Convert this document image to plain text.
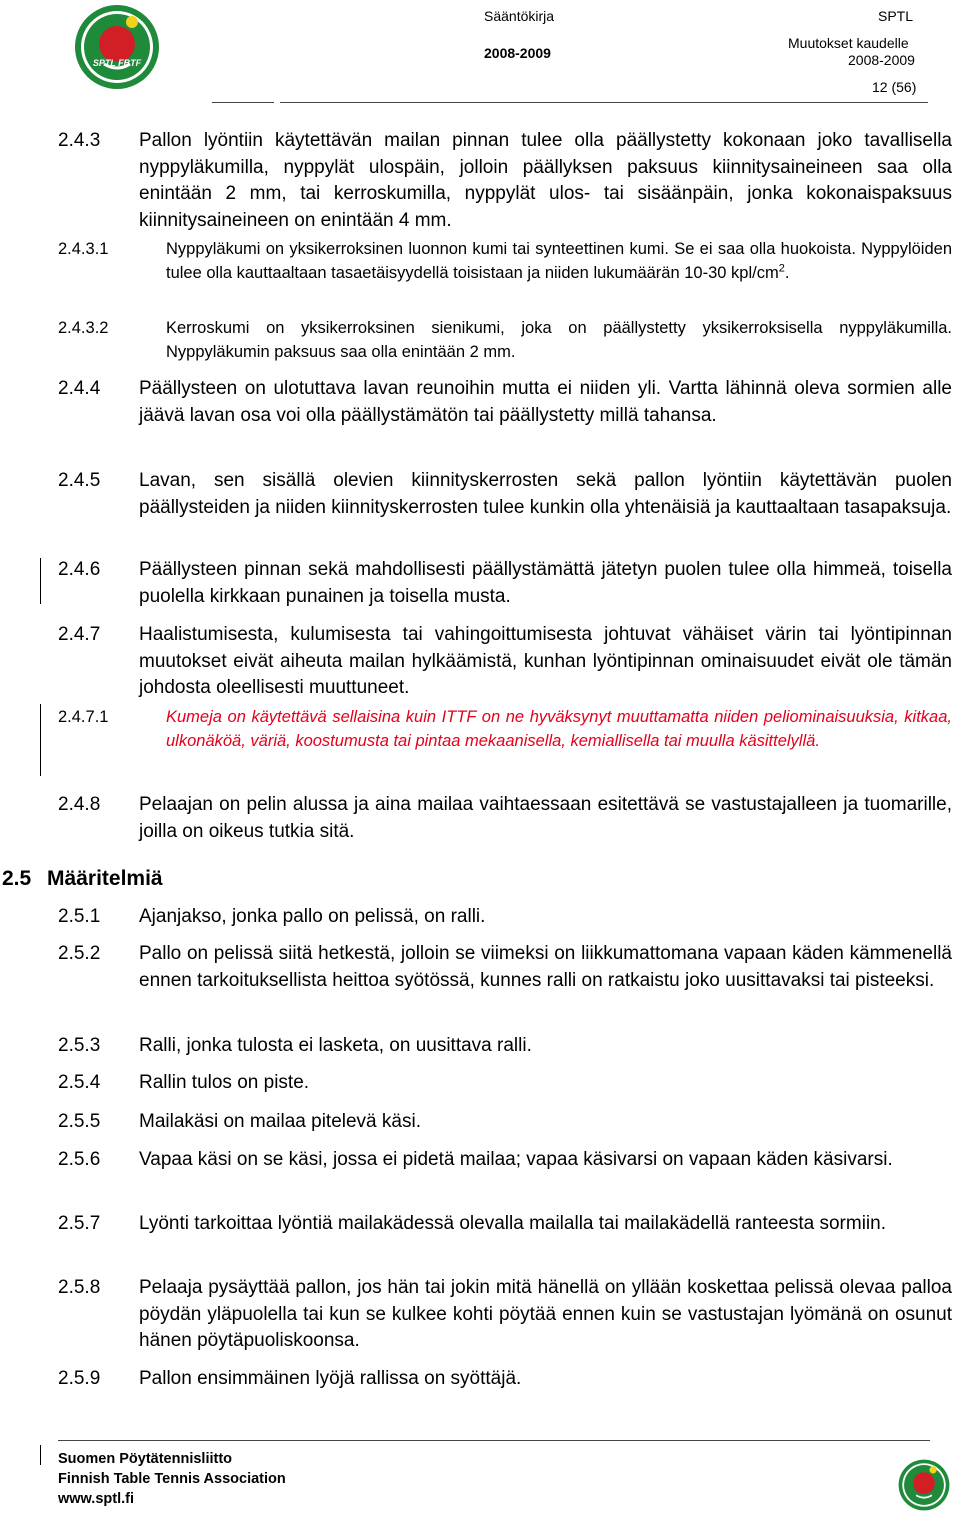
SPTL FBTF
Sääntökirja
2008-2009
SPTL
Muutokset kaudelle
2008-2009
12 (56)
2.4.3 Pallon lyöntiin käytettävän mailan pinnan tulee olla päällystetty kokonaan joko tavallisella nyppyläkumilla, nyppylät ulospäin, jolloin päällyksen paksuus kiinnitysaineineen saa olla enintään 2 mm, tai kerroskumilla, nyppylät ulos- tai sisäänpäin, jonka kokonaispaksuus kiinnitysaineineen on enintään 4 mm.
2.4.3.1	Nyppyläkumi on yksikerroksinen luonnon kumi tai synteettinen kumi. Se ei saa olla huokoista. Nyppylöiden tulee olla kauttaaltaan tasaetäisyydellä toisistaan ja niiden lukumäärän 10-30 kpl/$cm^2$.
2.4.3.2	Kerroskumi on yksikerroksinen sienikumi, joka on päällystetty yksikerroksisella nyppyläkumilla. Nyppyläkumin paksuus saa olla enintään 2 mm.
2.4.4 Päällysteen on ulotuttava lavan reunoihin mutta ei niiden yli. Vartta lähinnä oleva sormien alle jäävä lavan osa voi olla päällystämätön tai päällystetty millä tahansa.
2.4.5 Lavan, sen sisällä olevien kiinnityskerrosten sekä pallon lyöntiin käytettävän puolen päällysteiden ja niiden kiinnityskerrosten tulee kunkin olla yhtenäisiä ja kauttaaltaan tasapaksuja.
2.4.6 Päällysteen pinnan sekä mahdollisesti päällystämättä jätetyn puolen tulee olla himmeä, toisella puolella kirkkaan punainen ja toisella musta.
2.4.7 Haalistumisesta, kulumisesta tai vahingoittumisesta johtuvat vähäiset värin tai lyöntipinnan muutokset eivät aiheuta mailan hylkäämistä, kunhan lyöntipinnan ominaisuudet eivät ole tämän johdosta oleellisesti muuttuneet.
2.4.7.1	Kumeja on käytettävä sellaisina kuin ITTF on ne hyväksynyt muuttamatta niiden peliominaisuuksia, kitkaa, ulkonäköä, väriä, koostumusta tai pintaa mekaanisella, kemiallisella tai muulla käsittelyllä.
2.4.8 Pelaajan on pelin alussa ja aina mailaa vaihtaessaan esitettävä se vastustajalleen ja tuomarille, joilla on oikeus tutkia sitä.
2.5 Määritelmiä
2.5.1 Ajanjakso, jonka pallo on pelissä, on ralli.
2.5.2 Pallo on pelissä siitä hetkestä, jolloin se viimeksi on liikkumattomana vapaan käden kämmenellä ennen tarkoituksellista heittoa syötössä, kunnes ralli on ratkaistu joko uusittavaksi tai pisteeksi.
2.5.3 Ralli, jonka tulosta ei lasketa, on uusittava ralli.
2.5.4 Rallin tulos on piste.
2.5.5 Mailakäsi on mailaa pitelevä käsi.
2.5.6 Vapaa käsi on se käsi, jossa ei pidetä mailaa; vapaa käsivarsi on vapaan käden käsivarsi.
2.5.7 Lyönti tarkoittaa lyöntiä mailakädessä olevalla mailalla tai mailakädellä ranteesta sormiin.
2.5.8 Pelaaja pysäyttää pallon, jos hän tai jokin mitä hänellä on yllään koskettaa pelissä olevaa palloa pöydän yläpuolella tai kun se kulkee kohti pöytää ennen kuin se vastustajan lyömänä on osunut hänen pöytäpuoliskoonsa.
2.5.9 Pallon ensimmäinen lyöjä rallissa on syöttäjä.
Suomen Pöytätennisliitto
Finnish Table Tennis Association
www.sptl.fi
